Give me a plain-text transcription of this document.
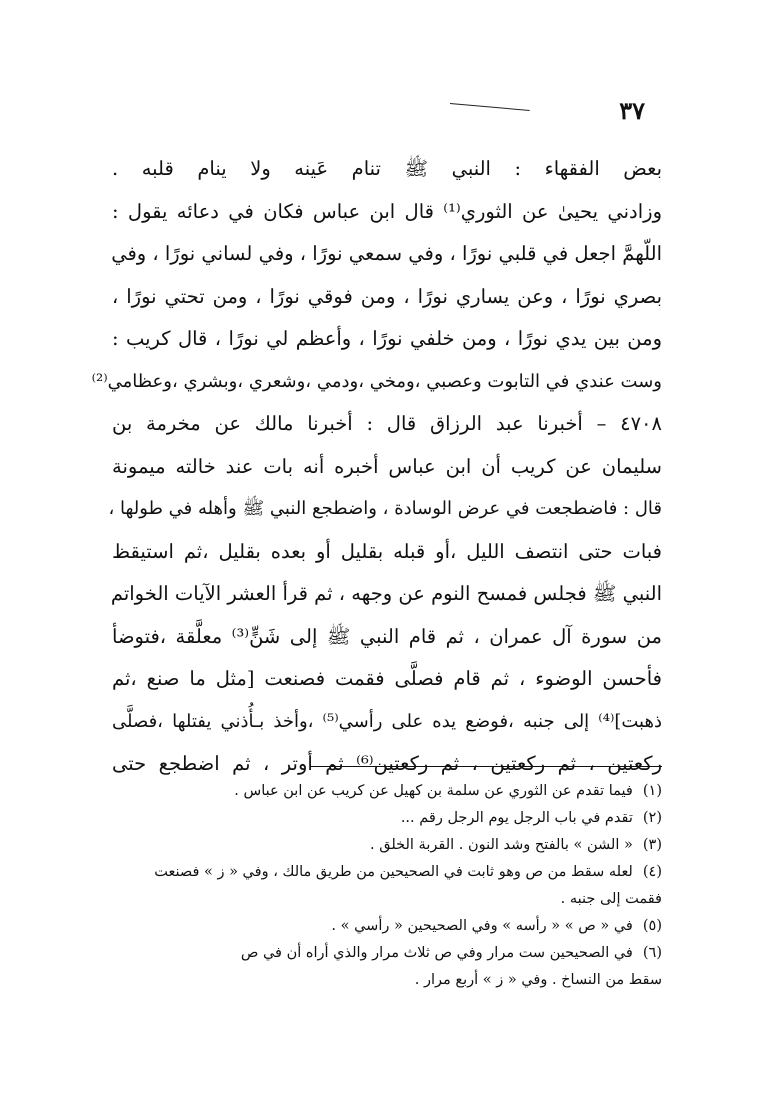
٣٧
بعض الفقهاء : النبي ﷺ تنام عَينه ولا ينام قلبه .
وزادني يحيىٰ عن الثوري⁽¹⁾ قال ابن عباس فكان في دعائه يقول :
اللّهمَّ اجعل في قلبي نورًا ، وفي سمعي نورًا ، وفي لساني نورًا ، وفي
بصري نورًا ، وعن يساري نورًا ، ومن فوقي نورًا ، ومن تحتي نورًا ،
ومن بين يدي نورًا ، ومن خلفي نورًا ، وأعظم لي نورًا ، قال كريب :
وست عندي في التابوت وعصبي ،ومخي ،ودمي ،وشعري ،وبشري ،وعظامي⁽²⁾
٤٧٠٨ – أخبرنا عبد الرزاق قال : أخبرنا مالك عن مخرمة بن
سليمان عن كريب أن ابن عباس أخبره أنه بات عند خالته ميمونة
قال : فاضطجعت في عرض الوسادة ، واضطجع النبي ﷺ وأهله في طولها ،
فبات حتى انتصف الليل ،أو قبله بقليل أو بعده بقليل ،ثم استيقظ
النبي ﷺ فجلس فمسح النوم عن وجهه ، ثم قرأ العشر الآيات الخواتم
من سورة آل عمران ، ثم قام النبي ﷺ إلى شَنٍّ⁽³⁾ معلَّقة ،فتوضأ
فأحسن الوضوء ، ثم قام فصلَّى فقمت فصنعت [مثل ما صنع ،ثم
ذهبت]⁽⁴⁾ إلى جنبه ،فوضع يده على رأسي⁽⁵⁾ ،وأخذ بـأُذني يفتلها ،فصلَّى
ركعتين ، ثم ركعتين ، ثم ركعتين⁽⁶⁾ ثم أوتر ، ثم اضطجع حتى
(١)فيما تقدم عن الثوري عن سلمة بن كهيل عن كريب عن ابن عباس .
(٢)تقدم في باب الرجل يوم الرجل رقم ...
(٣)« الشن » بالفتح وشد النون . القربة الخلق .
(٤)لعله سقط من ص وهو ثابت في الصحيحين من طريق مالك ، وفي « ز » فصنعت
فقمت إلى جنبه .
(٥)في « ص » « رأسه » وفي الصحيحين « رأسي » .
(٦)في الصحيحين ست مرار وفي ص ثلاث مرار والذي أراه أن في ص
سقط من النساخ . وفي « ز » أربع مرار .
